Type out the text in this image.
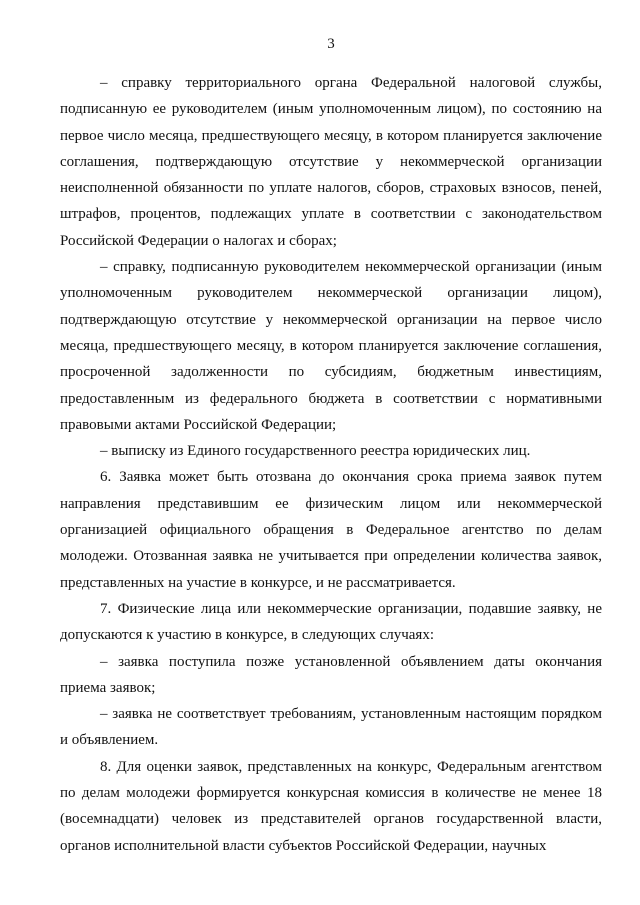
3

– справку территориального органа Федеральной налоговой службы, подписанную ее руководителем (иным уполномоченным лицом), по состоянию на первое число месяца, предшествующего месяцу, в котором планируется заключение соглашения, подтверждающую отсутствие у некоммерческой организации неисполненной обязанности по уплате налогов, сборов, страховых взносов, пеней, штрафов, процентов, подлежащих уплате в соответствии с законодательством Российской Федерации о налогах и сборах;

– справку, подписанную руководителем некоммерческой организации (иным уполномоченным руководителем некоммерческой организации лицом), подтверждающую отсутствие у некоммерческой организации на первое число месяца, предшествующего месяцу, в котором планируется заключение соглашения, просроченной задолженности по субсидиям, бюджетным инвестициям, предоставленным из федерального бюджета в соответствии с нормативными правовыми актами Российской Федерации;

– выписку из Единого государственного реестра юридических лиц.

6. Заявка может быть отозвана до окончания срока приема заявок путем направления представившим ее физическим лицом или некоммерческой организацией официального обращения в Федеральное агентство по делам молодежи. Отозванная заявка не учитывается при определении количества заявок, представленных на участие в конкурсе, и не рассматривается.

7. Физические лица или некоммерческие организации, подавшие заявку, не допускаются к участию в конкурсе, в следующих случаях:

– заявка поступила позже установленной объявлением даты окончания приема заявок;

– заявка не соответствует требованиям, установленным настоящим порядком и объявлением.

8. Для оценки заявок, представленных на конкурс, Федеральным агентством по делам молодежи формируется конкурсная комиссия в количестве не менее 18 (восемнадцати) человек из представителей органов государственной власти, органов исполнительной власти субъектов Российской Федерации, научных
